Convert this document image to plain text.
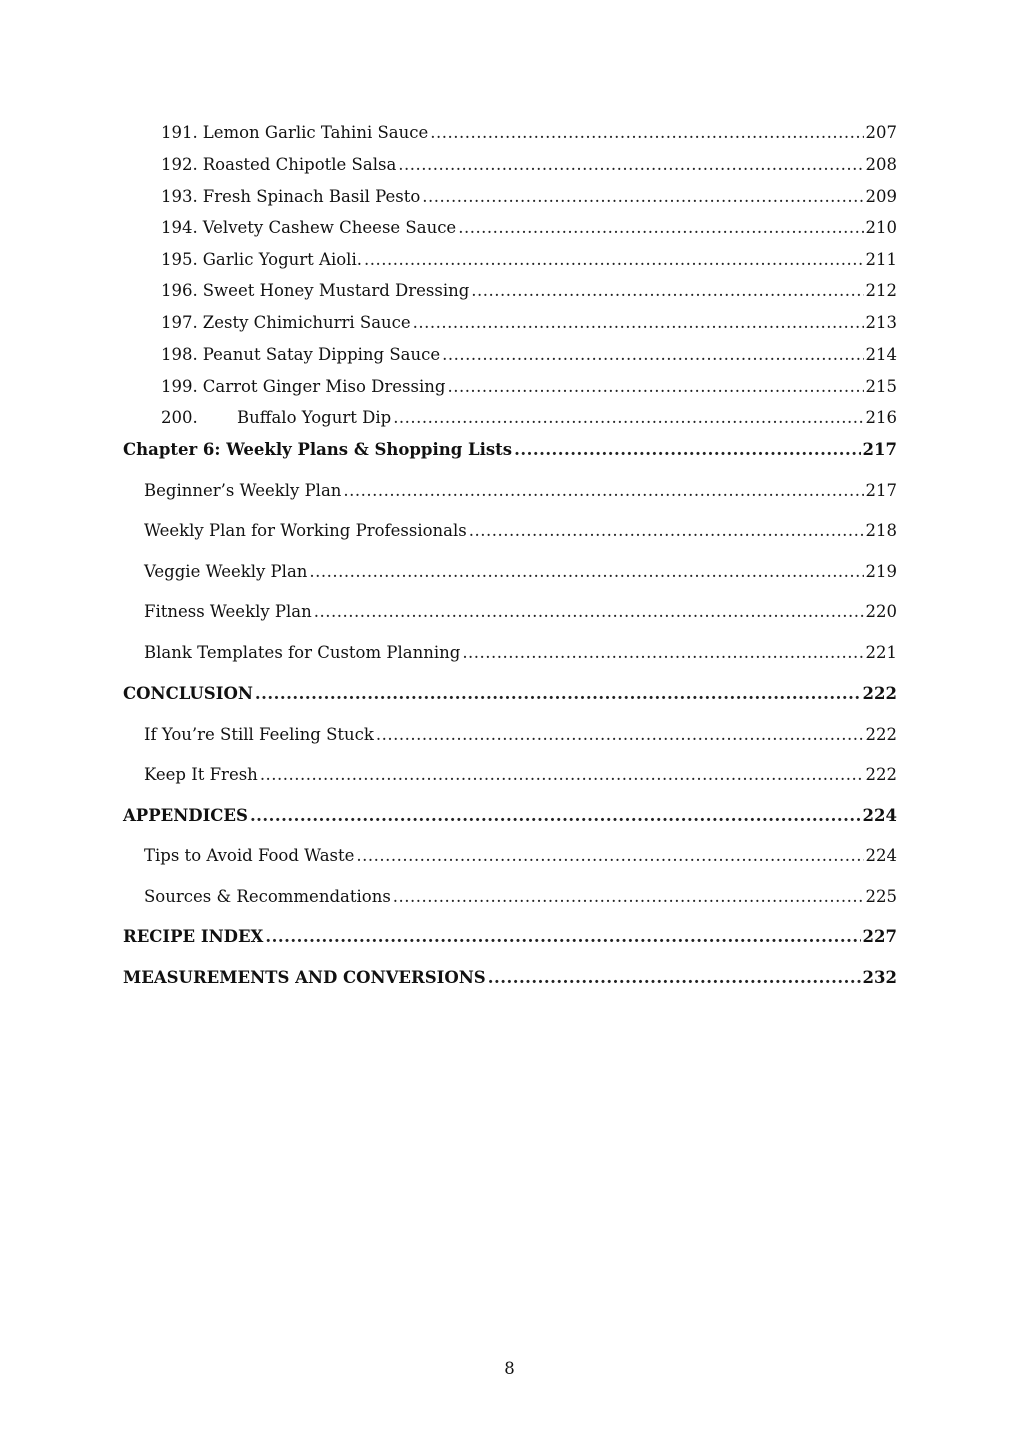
191. Lemon Garlic Tahini Sauce .....	207
192. Roasted Chipotle Salsa .....	208
193. Fresh Spinach Basil Pesto .....	209
194. Velvety Cashew Cheese Sauce .....	210
195. Garlic Yogurt Aioli. .....	211
196. Sweet Honey Mustard Dressing .....	212
197. Zesty Chimichurri Sauce .....	213
198. Peanut Satay Dipping Sauce .....	214
199. Carrot Ginger Miso Dressing .....	215
200.	Buffalo Yogurt Dip .....	216
Chapter 6: Weekly Plans & Shopping Lists .....	217
Beginner’s Weekly Plan .....	217
Weekly Plan for Working Professionals .....	218
Veggie Weekly Plan .....	219
Fitness Weekly Plan .....	220
Blank Templates for Custom Planning .....	221
CONCLUSION .....	222
If You’re Still Feeling Stuck .....	222
Keep It Fresh .....	222
APPENDICES .....	224
Tips to Avoid Food Waste .....	224
Sources & Recommendations .....	225
RECIPE INDEX .....	227
MEASUREMENTS AND CONVERSIONS .....	232
8
